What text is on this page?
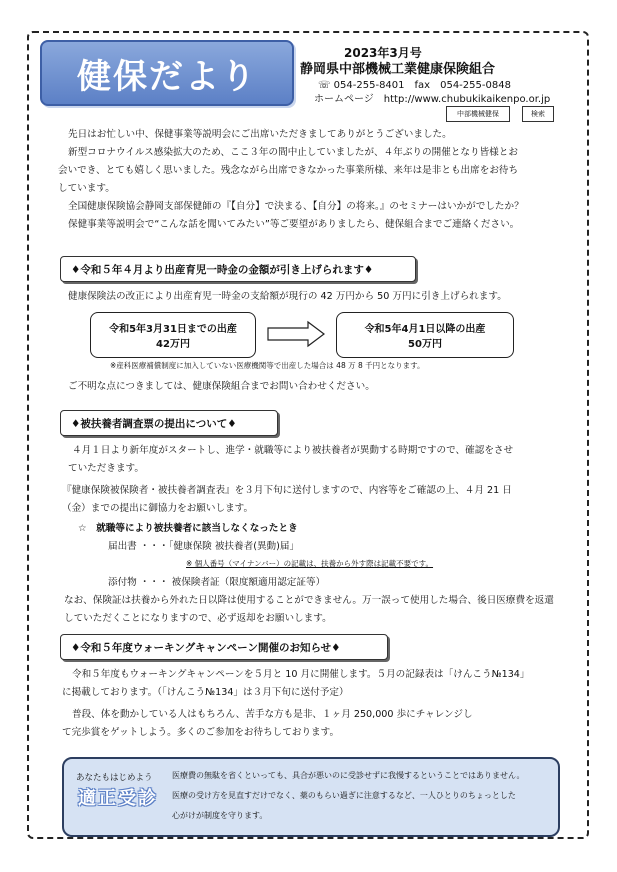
健保だより
2023年3月号
静岡県中部機械工業健康保険組合
☏ 054-255-8401　fax　054-255-0848
ホームページ　http://www.chubukikaikenpo.or.jp
中部機械健保	検索
先日はお忙しい中、保健事業等説明会にご出席いただきましてありがとうございました。
新型コロナウイルス感染拡大のため、ここ３年の間中止していましたが、４年ぶりの開催となり皆様とお
会いでき、とても嬉しく思いました。残念ながら出席できなかった事業所様、来年は是非とも出席をお待ち
しています。
全国健康保険協会静岡支部保健師の『【自分】で決まる、【自分】の将来。』のセミナーはいかがでしたか？
保健事業等説明会で“こんな話を聞いてみたい”等ご要望がありましたら、健保組合までご連絡ください。
♦令和５年４月より出産育児一時金の金額が引き上げられます♦
健康保険法の改正により出産育児一時金の支給額が現行の 42 万円から 50 万円に引き上げられます。
令和5年3月31日までの出産
42万円
令和5年4月1日以降の出産
50万円
※産科医療補償制度に加入していない医療機関等で出産した場合は 48 万 8 千円となります。
ご不明な点につきましては、健康保険組合までお問い合わせください。
♦被扶養者調査票の提出について♦
４月１日より新年度がスタートし、進学・就職等により被扶養者が異動する時期ですので、確認をさせ
ていただきます。
『健康保険被保険者・被扶養者調査表』を３月下旬に送付しますので、内容等をご確認の上、４月 21 日
（金）までの提出に御協力をお願いします。
☆　就職等により被扶養者に該当しなくなったとき
届出書 ・・・「健康保険 被扶養者(異動)届」
※ 個人番号（マイナンバー）の記載は、扶養から外す際は記載不要です。
添付物 ・・・ 被保険者証（限度額適用認定証等）
なお、保険証は扶養から外れた日以降は使用することができません。万一誤って使用した場合、後日医療費を返還
していただくことになりますので、必ず返却をお願いします。
♦令和５年度ウォーキングキャンペーン開催のお知らせ♦
令和５年度もウォーキングキャンペーンを５月と 10 月に開催します。５月の記録表は「けんこう№134」
に掲載しております。（「けんこう№134」は３月下旬に送付予定）
普段、体を動かしている人はもちろん、苦手な方も是非、１ヶ月 250,000 歩にチャレンジし
て完歩賞をゲットしよう。多くのご参加をお待ちしております。
あなたもはじめよう
適正受診
医療費の無駄を省くといっても、具合が悪いのに受診せずに我慢するということではありません。
医療の受け方を見直すだけでなく、薬のもらい過ぎに注意するなど、一人ひとりのちょっとした
心がけが制度を守ります。
